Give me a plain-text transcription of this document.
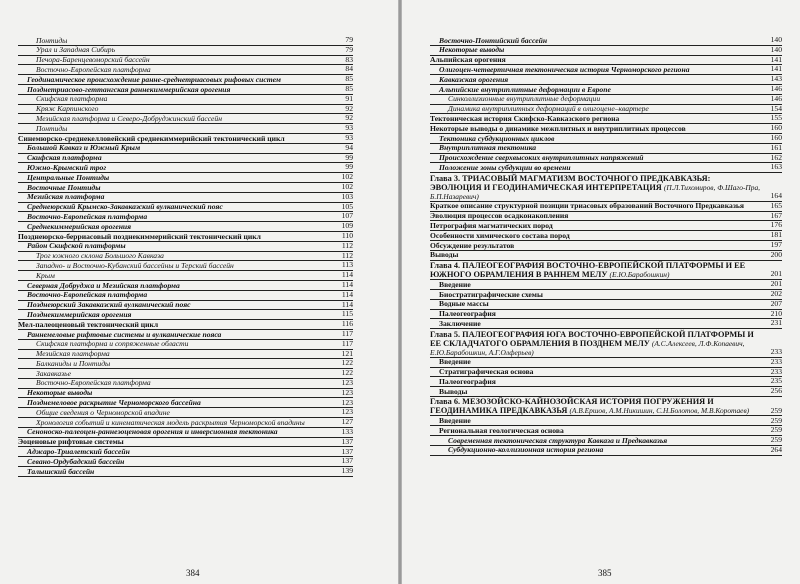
Понтиды	79
Урал и Западная Сибирь	79
Печора-Баренцевоморский бассейн	83
Восточно-Европейская платформа	84
Геодинамическое происхождение ранне-среднетриасовых рифовых систем	85
Позднетриасово-геттангская раннекиммерийская орогения	85
Скифская платформа	91
Кряж Карпинского	92
Мезийская платформа и Северо-Добруджинский бассейн	92
Понтиды	93
Синемюрско-среднекелловейский среднекиммерийский тектонический цикл	93
Большой Кавказ и Южный Крым	94
Скифская платформа	99
Южно-Крымский трог	99
Центральные Понтиды	102
Восточные Понтиды	102
Мезийская платформа	103
Среднеюрский Крымско-Закавказский вулканический пояс	105
Восточно-Европейская платформа	107
Среднекиммерийская орогения	109
Позднеюрско-берриасовый позднекиммерийский тектонический цикл	110
Район Скифской платформы	112
Трог южного склона Большого Кавказа	112
Западно- и Восточно-Кубанский бассейны и Терский бассейн	113
Крым	114
Северная Добруджа и Мезийская платформа	114
Восточно-Европейская платформа	114
Позднеюрский Закавказский вулканический пояс	114
Позднекиммерийская орогения	115
Мел-палеоценовый тектонический цикл	116
Раннемеловые рифтовые системы и вулканические пояса	117
Скифская платформа и сопряженные области	117
Мезийская платформа	121
Балканиды и Понтиды	122
Закавказье	122
Восточно-Европейская платформа	123
Некоторые выводы	123
Позднемеловое раскрытие Черноморского бассейна	123
Общие сведения о Черноморской впадине	123
Хронология событий и кинематическая модель раскрытия Черноморской впадины	127
Сеноноско-палеоцен-раннеэоценовая орогения и инверсионная тектоника	133
Эоценовые рифтовые системы	137
Аджаро-Триалетский бассейн	137
Севано-Ордубадский бассейн	137
Талышский бассейн	139
384
Восточно-Понтийский бассейн	140
Некоторые выводы	140
Альпийская орогения	141
Олигоцен-четвертичная тектоническая история Черноморского региона	141
Кавказская орогения	143
Альпийские внутриплитные деформации в Европе	146
Синколлизионные внутриплитные деформации	146
Динамика внутриплитных деформаций в олигоцене–квартере	154
Тектоническая история Скифско-Кавказского региона	155
Некоторые выводы о динамике межплитных и внутриплитных процессов	160
Тектоника субдукционных циклов	160
Внутриплитная тектоника	161
Происхождение сверхвысоких внутриплитных напряжений	162
Положение зоны субдукции во времени	163
Глава 3. ТРИАСОВЫЙ МАГМАТИЗМ ВОСТОЧНОГО ПРЕДКАВКАЗЬЯ: ЭВОЛЮЦИЯ И ГЕОДИНАМИЧЕСКАЯ ИНТЕРПРЕТАЦИЯ (П.Л.Тихомиров, Ф.Шаго-Пра, Б.П.Назаревич)	164
Краткое описание структурной позиции триасовых образований Восточного Предкавказья	165
Эволюция процессов осадконакопления	167
Петрография магматических пород	176
Особенности химического состава пород	181
Обсуждение результатов	197
Выводы	200
Глава 4. ПАЛЕОГЕОГРАФИЯ ВОСТОЧНО-ЕВРОПЕЙСКОЙ ПЛАТФОРМЫ И ЕЕ ЮЖНОГО ОБРАМЛЕНИЯ В РАННЕМ МЕЛУ (Е.Ю.Барабошкин)	201
Введение	201
Биостратиграфические схемы	202
Водные массы	207
Палеогеография	210
Заключение	231
Глава 5. ПАЛЕОГЕОГРАФИЯ ЮГА ВОСТОЧНО-ЕВРОПЕЙСКОЙ ПЛАТФОРМЫ И ЕЕ СКЛАДЧАТОГО ОБРАМЛЕНИЯ В ПОЗДНЕМ МЕЛУ (А.С.Алексеев, Л.Ф.Копаевич, Е.Ю.Барабошкин, А.Г.Олферьев)	233
Введение	233
Стратиграфическая основа	233
Палеогеография	235
Выводы	256
Глава 6. МЕЗОЗОЙСКО-КАЙНОЗОЙСКАЯ ИСТОРИЯ ПОГРУЖЕНИЯ И ГЕОДИНАМИКА ПРЕДКАВКАЗЬЯ (А.В.Ершов, А.М.Никишин, С.Н.Болотов, М.В.Коротаев)	259
Введение	259
Региональная геологическая основа	259
Современная тектоническая структура Кавказа и Предкавказья	259
Субдукционно-коллизионная история региона	264
385
